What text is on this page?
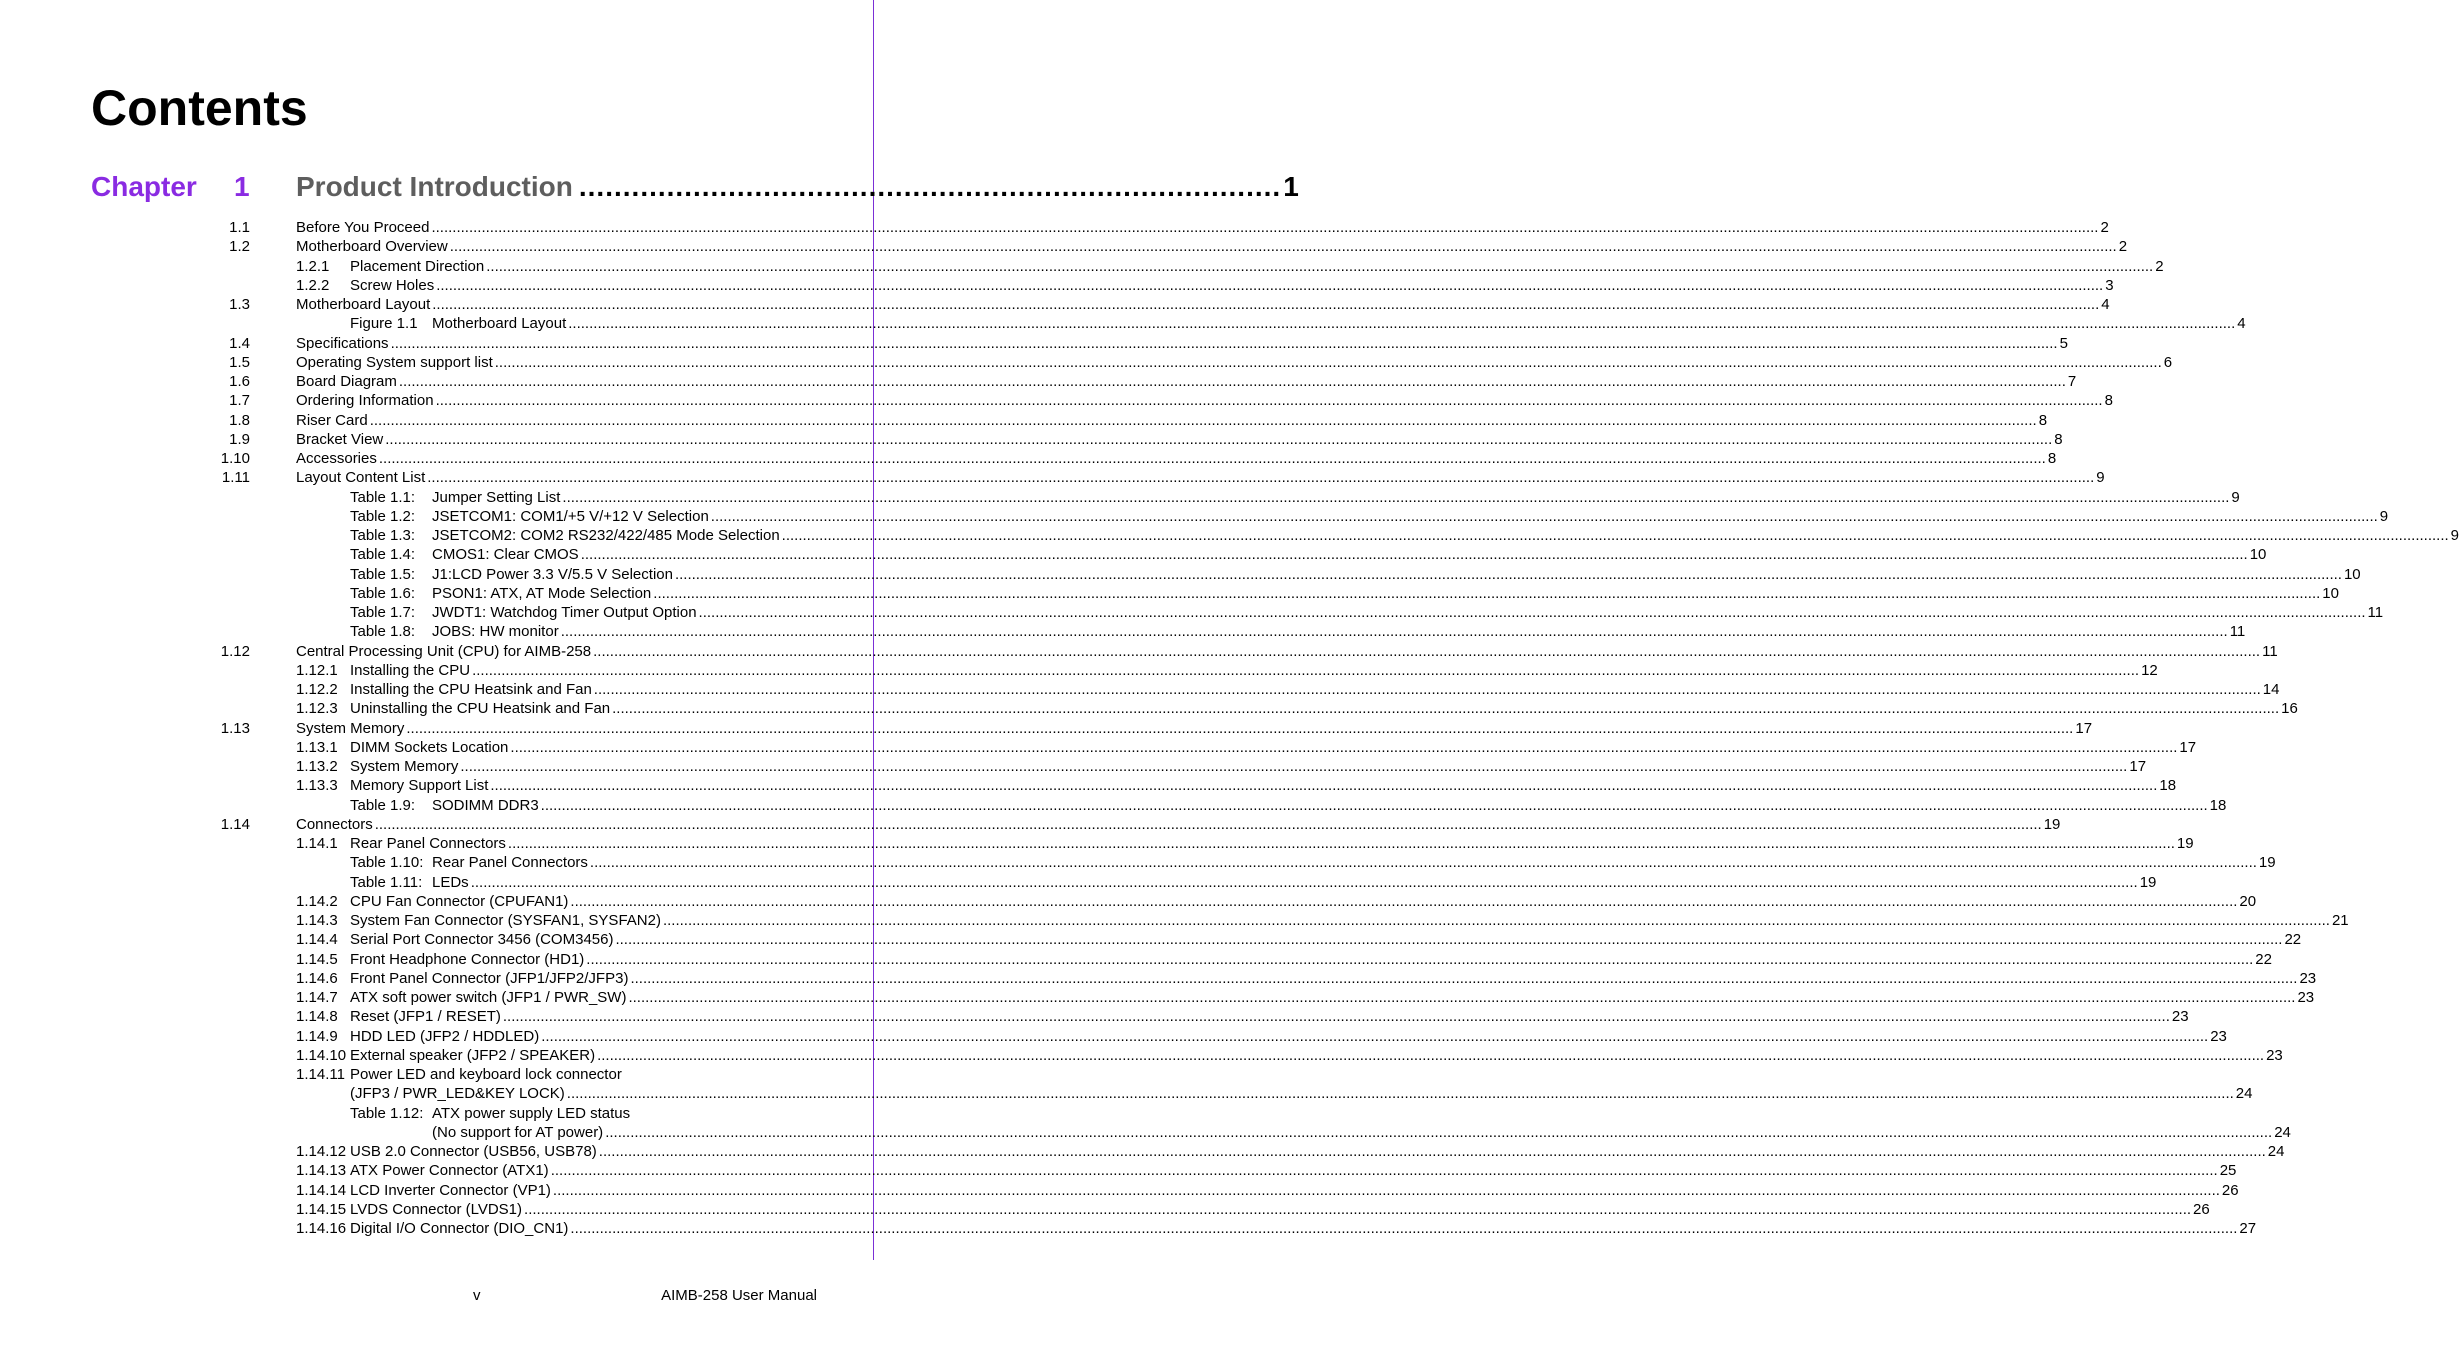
Contents
Chapter 1 Product Introduction ................................................................................ 1
1.1	Before You Proceed ................................................................................................................................................................................................................................................................................................................................................................................................................ 2
1.2	Motherboard Overview ................................................................................................................................................................................................................................................................................................................................................................................................................ 2
1.2.1	Placement Direction ................................................................................................................................................................................................................................................................................................................................................................................................................ 2
1.2.2	Screw Holes ................................................................................................................................................................................................................................................................................................................................................................................................................ 3
1.3	Motherboard Layout ................................................................................................................................................................................................................................................................................................................................................................................................................ 4
Figure 1.1 Motherboard Layout ................................................................................................................................................................................................................................................................................................................................................................................................................ 4
1.4	Specifications ................................................................................................................................................................................................................................................................................................................................................................................................................ 5
1.5	Operating System support list ................................................................................................................................................................................................................................................................................................................................................................................................................ 6
1.6	Board Diagram ................................................................................................................................................................................................................................................................................................................................................................................................................ 7
1.7	Ordering Information ................................................................................................................................................................................................................................................................................................................................................................................................................ 8
1.8	Riser Card ................................................................................................................................................................................................................................................................................................................................................................................................................ 8
1.9	Bracket View ................................................................................................................................................................................................................................................................................................................................................................................................................ 8
1.10	Accessories ................................................................................................................................................................................................................................................................................................................................................................................................................ 8
1.11	Layout Content List ................................................................................................................................................................................................................................................................................................................................................................................................................ 9
Table 1.1:	Jumper Setting List ................................................................................................................................................................................................................................................................................................................................................................................................................ 9
Table 1.2:	JSETCOM1: COM1/+5 V/+12 V Selection ................................................................................................................................................................................................................................................................................................................................................................................................................ 9
Table 1.3:	JSETCOM2: COM2 RS232/422/485 Mode Selection ................................................................................................................................................................................................................................................................................................................................................................................................................ 9
Table 1.4:	CMOS1: Clear CMOS ................................................................................................................................................................................................................................................................................................................................................................................................................ 10
Table 1.5:	J1:LCD Power 3.3 V/5.5 V Selection ................................................................................................................................................................................................................................................................................................................................................................................................................ 10
Table 1.6:	PSON1: ATX, AT Mode Selection ................................................................................................................................................................................................................................................................................................................................................................................................................ 10
Table 1.7:	JWDT1: Watchdog Timer Output Option ................................................................................................................................................................................................................................................................................................................................................................................................................ 11
Table 1.8:	JOBS: HW monitor ................................................................................................................................................................................................................................................................................................................................................................................................................ 11
1.12	Central Processing Unit (CPU) for AIMB-258 ................................................................................................................................................................................................................................................................................................................................................................................................................ 11
1.12.1 Installing the CPU ................................................................................................................................................................................................................................................................................................................................................................................................................ 12
1.12.2 Installing the CPU Heatsink and Fan ................................................................................................................................................................................................................................................................................................................................................................................................................ 14
1.12.3 Uninstalling the CPU Heatsink and Fan ................................................................................................................................................................................................................................................................................................................................................................................................................ 16
1.13	System Memory ................................................................................................................................................................................................................................................................................................................................................................................................................ 17
1.13.1 DIMM Sockets Location ................................................................................................................................................................................................................................................................................................................................................................................................................ 17
1.13.2 System Memory ................................................................................................................................................................................................................................................................................................................................................................................................................ 17
1.13.3 Memory Support List ................................................................................................................................................................................................................................................................................................................................................................................................................ 18
Table 1.9:	SODIMM DDR3 ................................................................................................................................................................................................................................................................................................................................................................................................................ 18
1.14	Connectors ................................................................................................................................................................................................................................................................................................................................................................................................................ 19
1.14.1 Rear Panel Connectors ................................................................................................................................................................................................................................................................................................................................................................................................................ 19
Table 1.10: Rear Panel Connectors ................................................................................................................................................................................................................................................................................................................................................................................................................ 19
Table 1.11: LEDs ................................................................................................................................................................................................................................................................................................................................................................................................................ 19
1.14.2 CPU Fan Connector (CPUFAN1) ................................................................................................................................................................................................................................................................................................................................................................................................................ 20
1.14.3 System Fan Connector (SYSFAN1, SYSFAN2) ................................................................................................................................................................................................................................................................................................................................................................................................................ 21
1.14.4 Serial Port Connector 3456 (COM3456) ................................................................................................................................................................................................................................................................................................................................................................................................................ 22
1.14.5 Front Headphone Connector (HD1) ................................................................................................................................................................................................................................................................................................................................................................................................................ 22
1.14.6 Front Panel Connector (JFP1/JFP2/JFP3) ................................................................................................................................................................................................................................................................................................................................................................................................................ 23
1.14.7 ATX soft power switch (JFP1 / PWR_SW) ................................................................................................................................................................................................................................................................................................................................................................................................................ 23
1.14.8 Reset (JFP1 / RESET) ................................................................................................................................................................................................................................................................................................................................................................................................................ 23
1.14.9 HDD LED (JFP2 / HDDLED) ................................................................................................................................................................................................................................................................................................................................................................................................................ 23
1.14.10 External speaker (JFP2 / SPEAKER) ................................................................................................................................................................................................................................................................................................................................................................................................................ 23
1.14.11 Power LED and keyboard lock connector
(JFP3 / PWR_LED&KEY LOCK) ................................................................................................................................................................................................................................................................................................................................................................................................................ 24
Table 1.12: ATX power supply LED status
(No support for AT power) ................................................................................................................................................................................................................................................................................................................................................................................................................ 24
1.14.12 USB 2.0 Connector (USB56, USB78) ................................................................................................................................................................................................................................................................................................................................................................................................................ 24
1.14.13 ATX Power Connector (ATX1) ................................................................................................................................................................................................................................................................................................................................................................................................................ 25
1.14.14 LCD Inverter Connector (VP1) ................................................................................................................................................................................................................................................................................................................................................................................................................ 26
1.14.15 LVDS Connector (LVDS1) ................................................................................................................................................................................................................................................................................................................................................................................................................ 26
1.14.16 Digital I/O Connector (DIO_CN1) ................................................................................................................................................................................................................................................................................................................................................................................................................ 27
v	AIMB-258 User Manual
